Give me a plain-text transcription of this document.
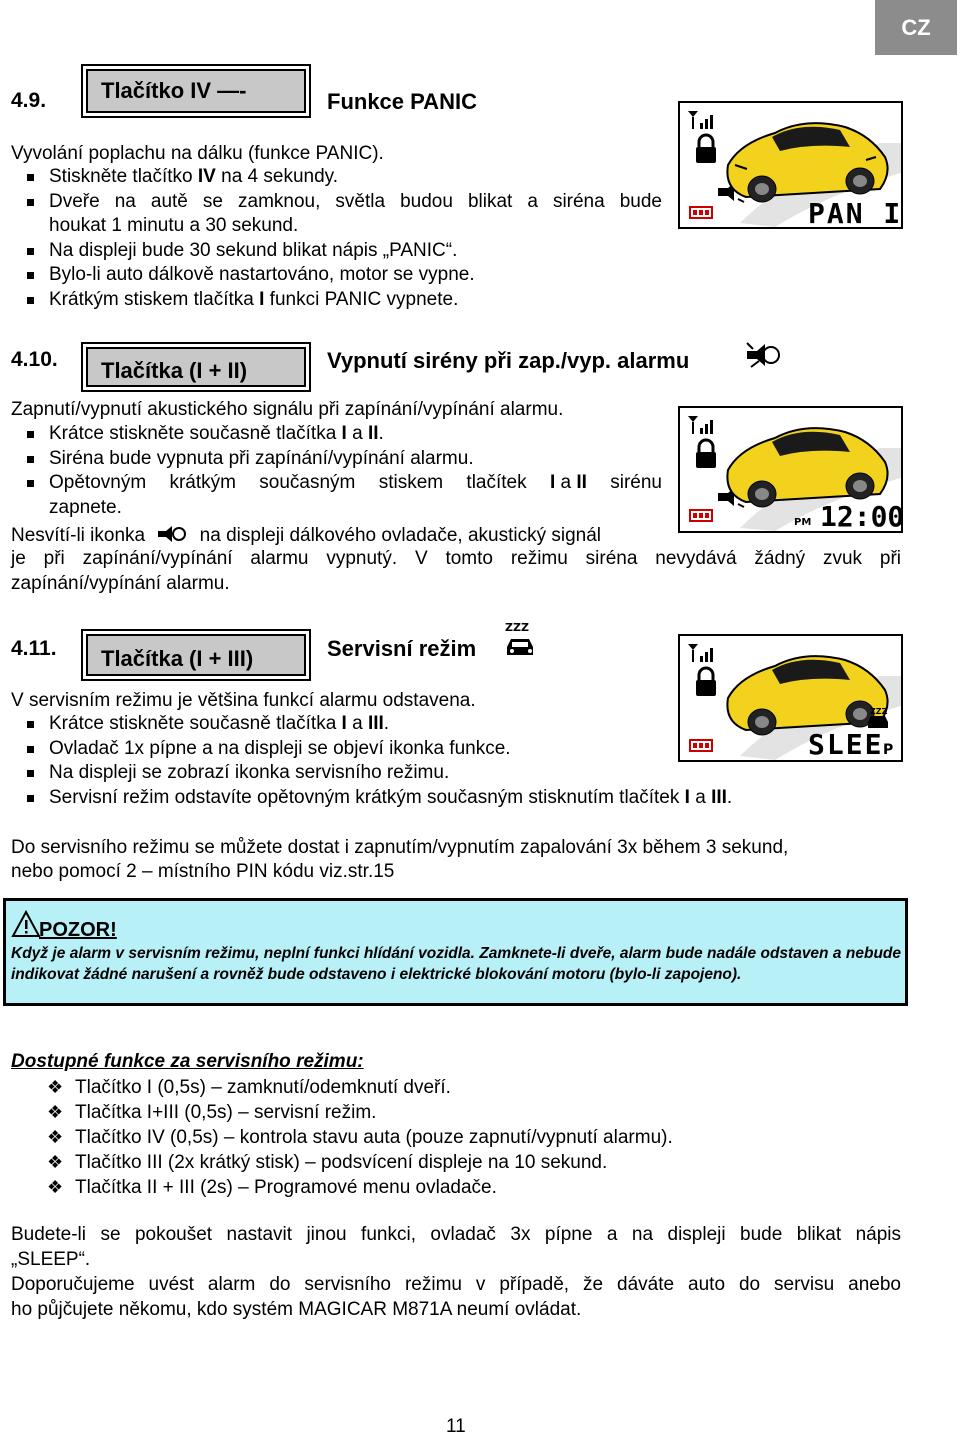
CZ
4.9. Tlačítko IV —-	Funkce PANIC
Vyvolání poplachu na dálku (funkce PANIC).
Stiskněte tlačítko IV na 4 sekundy.
Dveře na autě se zamknou, světla budou blikat a siréna bude
houkat 1 minutu a 30 sekund.
Na displeji bude 30 sekund blikat nápis „PANIC“.
Bylo-li auto dálkově nastartováno, motor se vypne.
Krátkým stiskem tlačítka I funkci PANIC vypnete.
PAN I
4.10. Tlačítka (I + II)	Vypnutí sirény při zap./vyp. alarmu
Zapnutí/vypnutí akustického signálu při zapínání/vypínání alarmu.
Krátce stiskněte současně tlačítka I a II.
Siréna bude vypnuta při zapínání/vypínání alarmu.
Opětovným krátkým současným stiskem tlačítek I a II sirénu
zapnete.
Nesvítí-li ikonka	na displeji dálkového ovladače, akustický signál
je při zapínání/vypínání alarmu vypnutý. V tomto režimu siréna nevydává žádný zvuk při
zapínání/vypínání alarmu.
PM 12:00
4.11. Tlačítka (I + III)	Servisní režim
ZZZ
V servisním režimu je většina funkcí alarmu odstavena.
Krátce stiskněte současně tlačítka I a III.
Ovladač 1x pípne a na displeji se objeví ikonka funkce.
Na displeji se zobrazí ikonka servisního režimu.
Servisní režim odstavíte opětovným krátkým současným stisknutím tlačítek I a III.
ZZZ
SLEE P
Do servisního režimu se můžete dostat i zapnutím/vypnutím zapalování 3x během 3 sekund,
nebo pomocí 2 – místního PIN kódu viz.str.15
POZOR!
Když je alarm v servisním režimu, neplní funkci hlídání vozidla. Zamknete-li dveře, alarm bude nadále odstaven a nebude indikovat žádné narušení a rovněž bude odstaveno i elektrické blokování motoru (bylo-li zapojeno).
Dostupné funkce za servisního režimu:
❖ Tlačítko I (0,5s) – zamknutí/odemknutí dveří.
❖ Tlačítka I+III (0,5s) – servisní režim.
❖ Tlačítko IV (0,5s) – kontrola stavu auta (pouze zapnutí/vypnutí alarmu).
❖ Tlačítko III (2x krátký stisk) – podsvícení displeje na 10 sekund.
❖ Tlačítka II + III (2s) – Programové menu ovladače.
Budete-li se pokoušet nastavit jinou funkci, ovladač 3x pípne a na displeji bude blikat nápis
„SLEEP“.
Doporučujeme uvést alarm do servisního režimu v případě, že dáváte auto do servisu anebo
ho půjčujete někomu, kdo systém MAGICAR M871A neumí ovládat.
11
